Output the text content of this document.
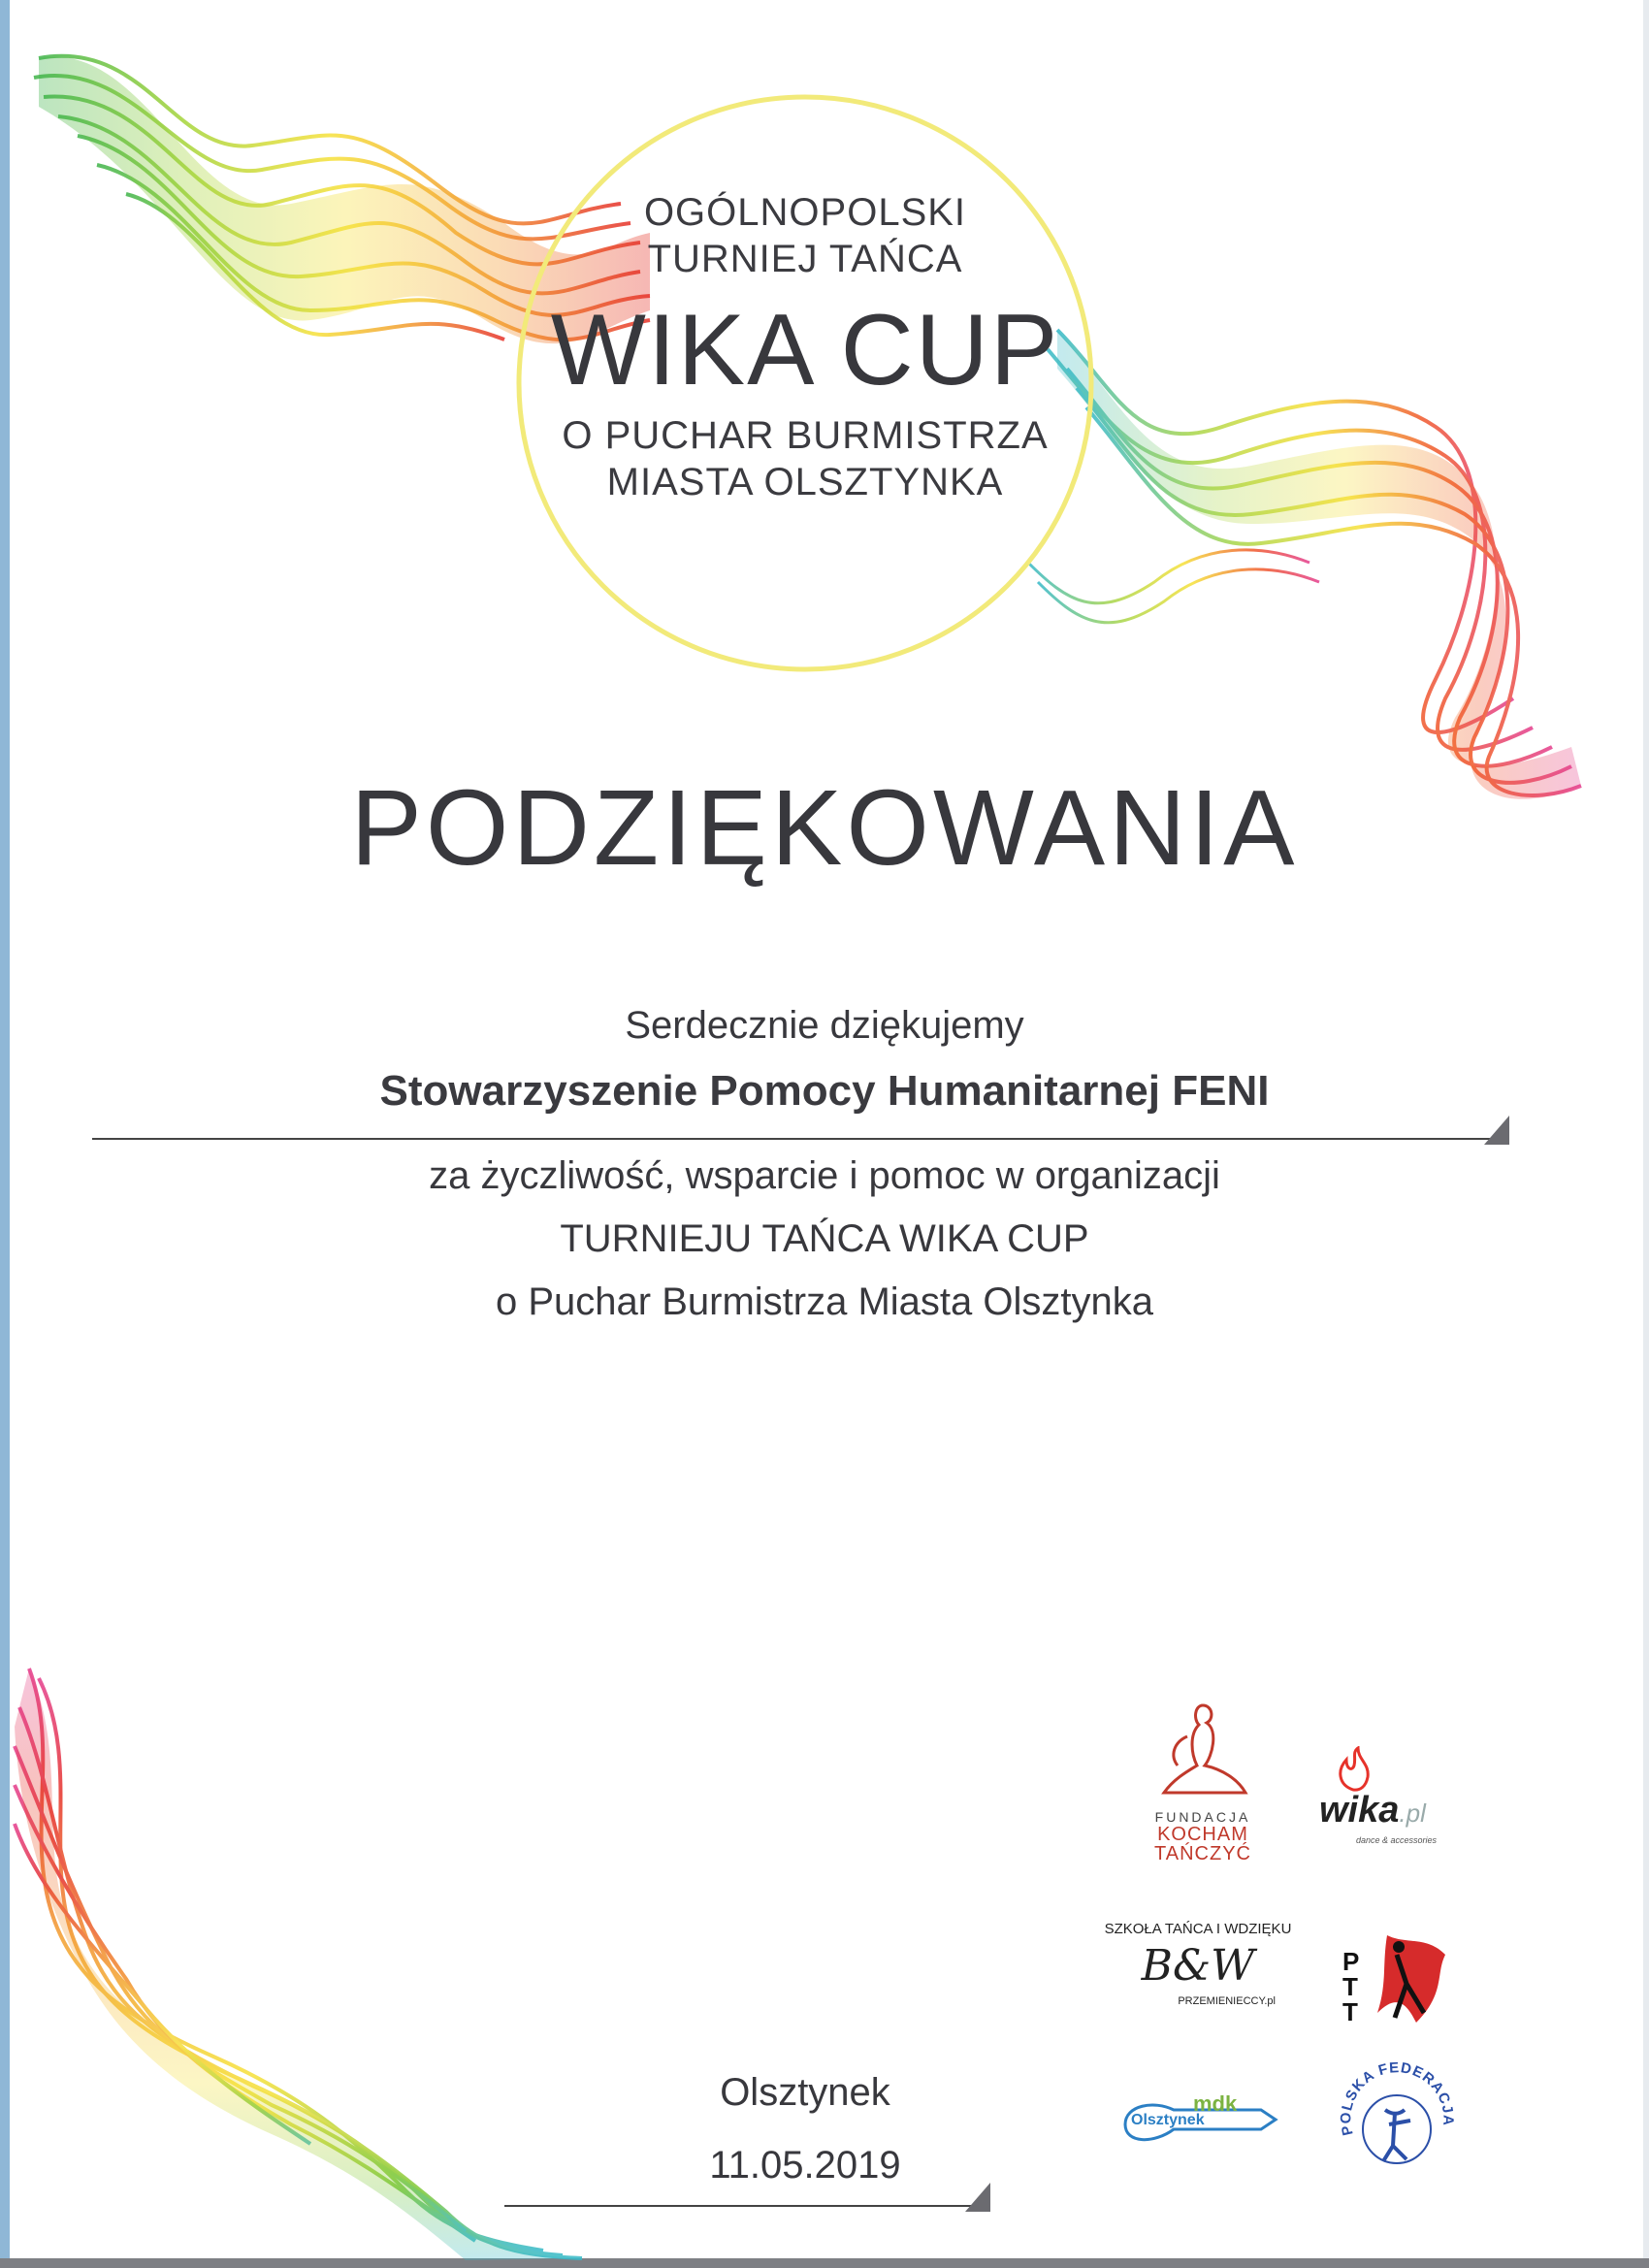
OGÓLNOPOLSKI
TURNIEJ TAŃCA
WIKA CUP
O PUCHAR BURMISTRZA
MIASTA OLSZTYNKA
PODZIĘKOWANIA
Serdecznie dziękujemy
Stowarzyszenie Pomocy Humanitarnej FENI
za życzliwość, wsparcie i pomoc w organizacji
TURNIEJU TAŃCA WIKA CUP
o Puchar Burmistrza Miasta Olsztynka
Olsztynek
11.05.2019
FUNDACJA
KOCHAM
TAŃCZYĆ
wika.pl
dance & accessories
SZKOŁA TAŃCA I WDZIĘKU
B&W
PRZEMIENIECCY.pl
PTT
mdk
Olsztynek
POLSKA FEDERACJA
